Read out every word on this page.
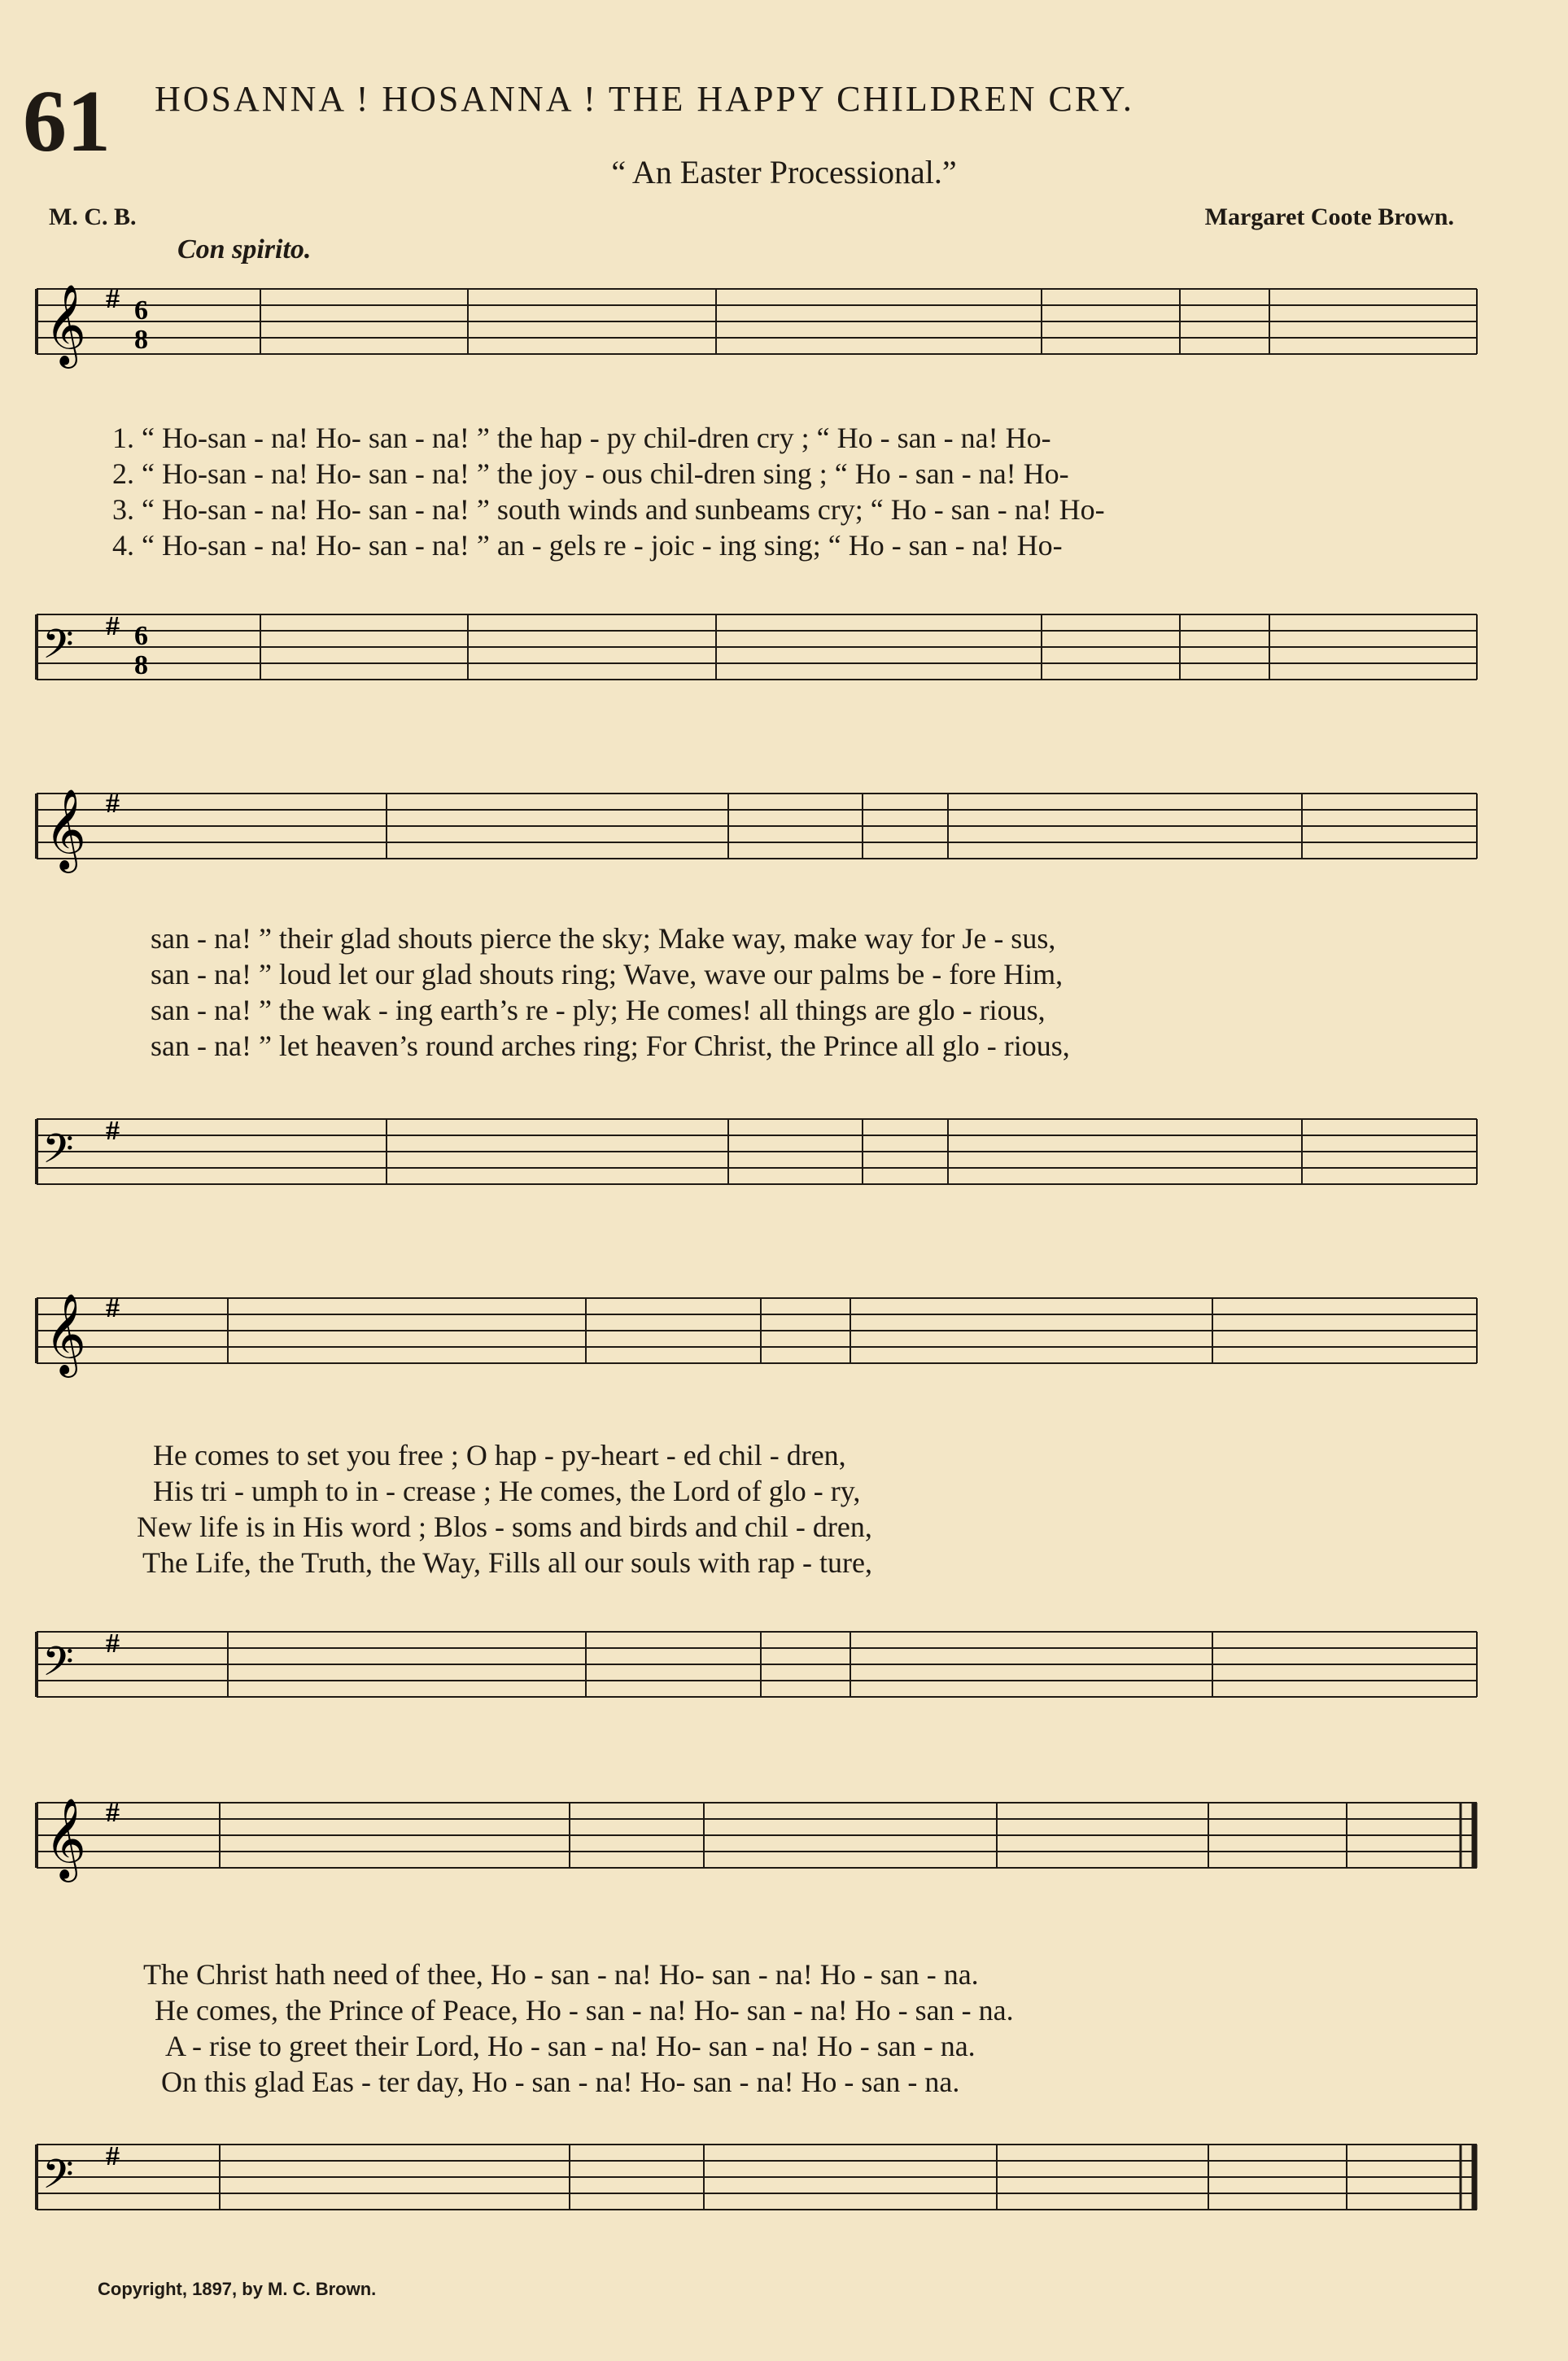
61 HOSANNA ! HOSANNA ! THE HAPPY CHILDREN CRY.
“ An Easter Processional.”
M. C. B.	Margaret Coote Brown.
Con spirito.
𝄞 # 6
8
1. “ Ho-san - na! Ho- san - na! ” the hap - py chil-dren cry ; “ Ho - san - na! Ho-
2. “ Ho-san - na! Ho- san - na! ” the joy - ous chil-dren sing ; “ Ho - san - na! Ho-
3. “ Ho-san - na! Ho- san - na! ” south winds and sunbeams cry; “ Ho - san - na! Ho-
4. “ Ho-san - na! Ho- san - na! ” an - gels re - joic - ing sing; “ Ho - san - na! Ho-
𝄢 # 6
8
𝄞 #
san - na! ” their glad shouts pierce the sky; Make way, make way for Je - sus,
san - na! ” loud let our glad shouts ring; Wave, wave our palms be - fore Him,
san - na! ” the wak - ing earth’s re - ply; He comes! all things are glo - rious,
san - na! ” let heaven’s round arches ring; For Christ, the Prince all glo - rious,
𝄢 #
𝄞 #
He comes to set you free ; O hap - py-heart - ed chil - dren,
His tri - umph to in - crease ; He comes, the Lord of glo - ry,
New life is in His word ; Blos - soms and birds and chil - dren,
The Life, the Truth, the Way, Fills all our souls with rap - ture,
𝄢 #
𝄞 #
The Christ hath need of thee, Ho - san - na! Ho- san - na! Ho - san - na.
He comes, the Prince of Peace, Ho - san - na! Ho- san - na! Ho - san - na.
A - rise to greet their Lord, Ho - san - na! Ho- san - na! Ho - san - na.
On this glad Eas - ter day, Ho - san - na! Ho- san - na! Ho - san - na.
𝄢 #
Copyright, 1897, by M. C. Brown.
